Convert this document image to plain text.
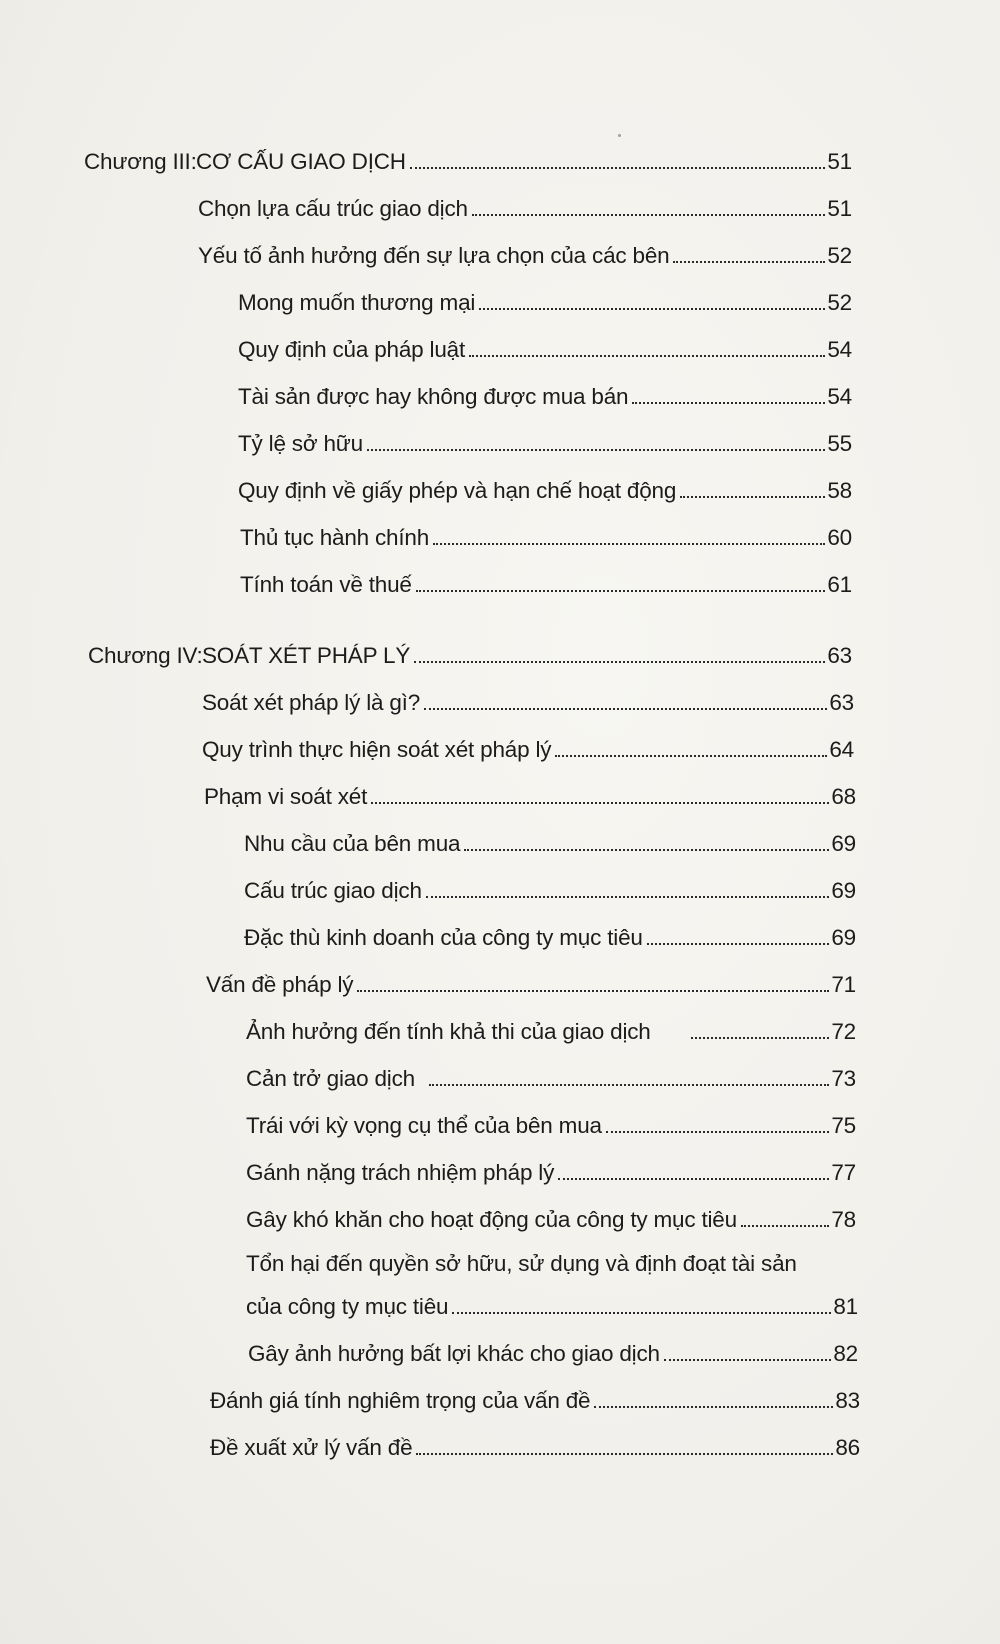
Chương III: CƠ CẤU GIAO DỊCH	51
Chọn lựa cấu trúc giao dịch	51
Yếu tố ảnh hưởng đến sự lựa chọn của các bên	52
Mong muốn thương mại	52
Quy định của pháp luật	54
Tài sản được hay không được mua bán	54
Tỷ lệ sở hữu	55
Quy định về giấy phép và hạn chế hoạt động	58
Thủ tục hành chính	60
Tính toán về thuế	61
Chương IV: SOÁT XÉT PHÁP LÝ	63
Soát xét pháp lý là gì?	63
Quy trình thực hiện soát xét pháp lý	64
Phạm vi soát xét	68
Nhu cầu của bên mua	69
Cấu trúc giao dịch	69
Đặc thù kinh doanh của công ty mục tiêu	69
Vấn đề pháp lý	71
Ảnh hưởng đến tính khả thi của giao dịch	72
Cản trở giao dịch	73
Trái với kỳ vọng cụ thể của bên mua	75
Gánh nặng trách nhiệm pháp lý	77
Gây khó khăn cho hoạt động của công ty mục tiêu	78
Tổn hại đến quyền sở hữu, sử dụng và định đoạt tài sản
của công ty mục tiêu	81
Gây ảnh hưởng bất lợi khác cho giao dịch	82
Đánh giá tính nghiêm trọng của vấn đề	83
Đề xuất xử lý vấn đề	86
